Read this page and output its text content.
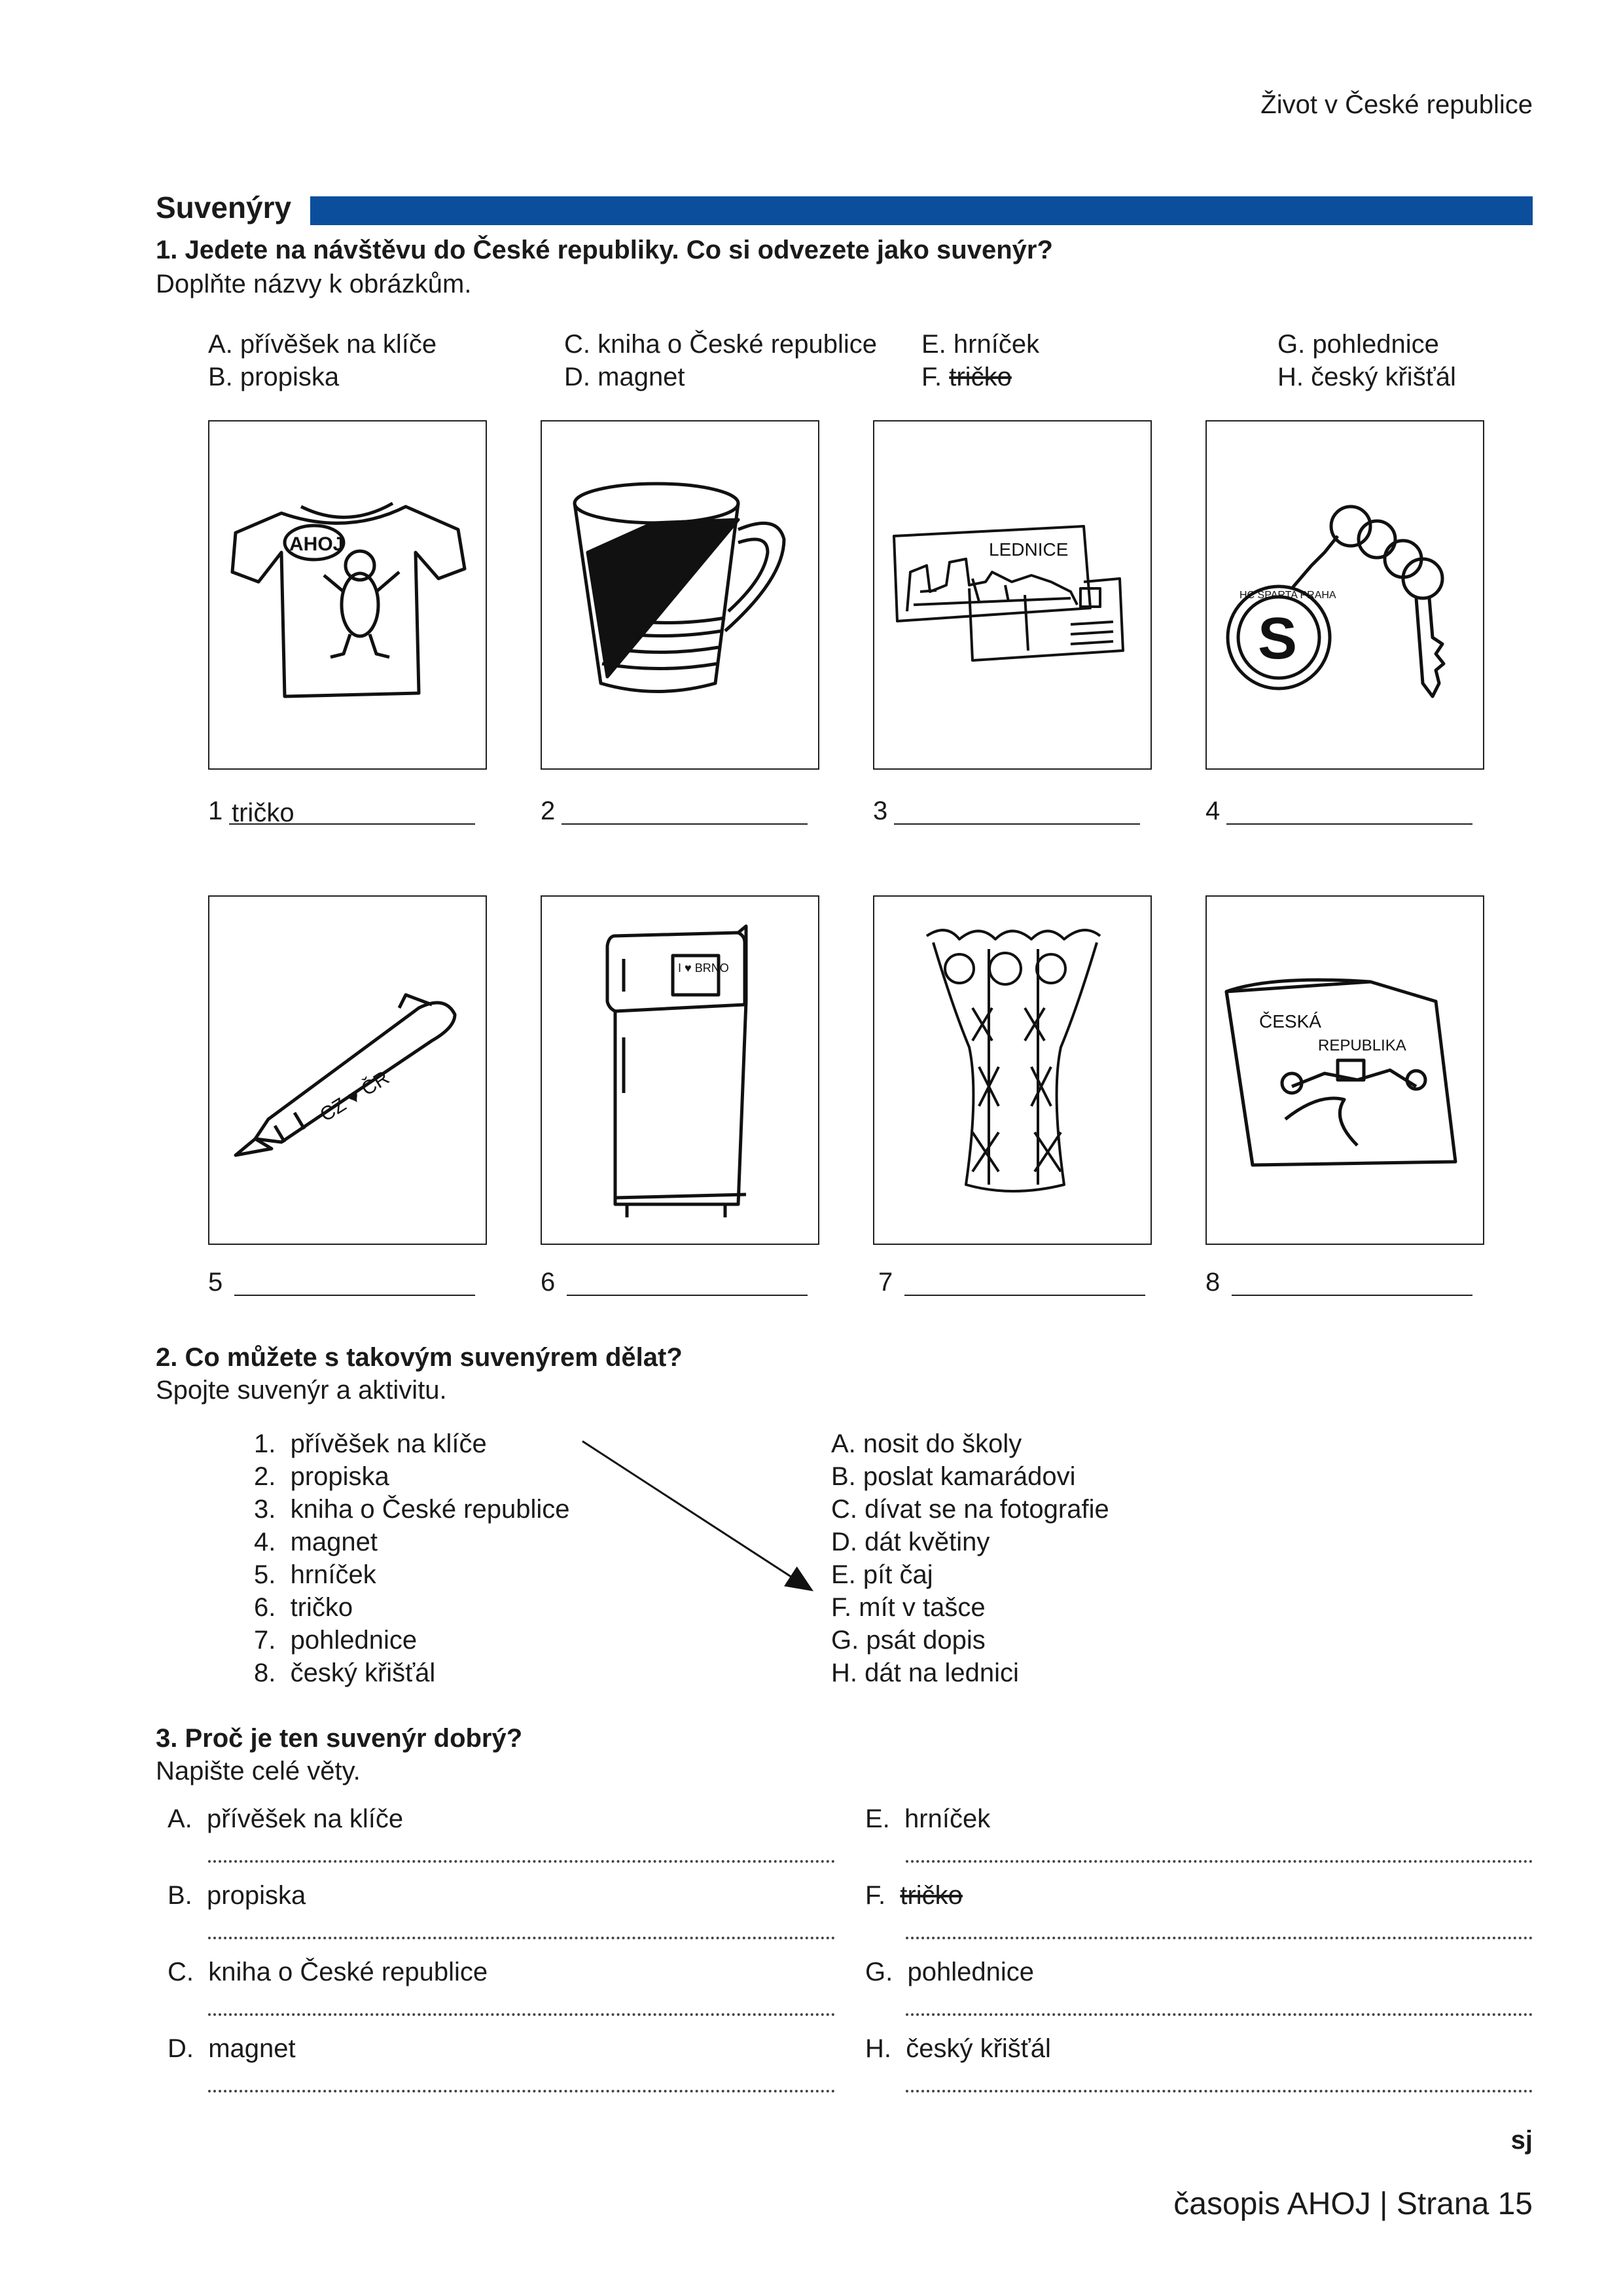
Život v České republice
Suvenýry
1. Jedete na návštěvu do České republiky. Co si odvezete jako suvenýr?
Doplňte názvy k obrázkům.
A. přívěšek na klíče
B. propiska
C. kniha o České republice
D. magnet
E. hrníček
F. tričko
G. pohlednice
H. český křišťál
AHOJ	LEDNICE
S
HC SPARTA PRAHA
1 tričko	2	3	4
CZ ♥ ČR
I ♥ BRNO
ČESKÁ
REPUBLIKA
5	6	7	8
2. Co můžete s takovým suvenýrem dělat?
Spojte suvenýr a aktivitu.
1. přívěšek na klíče
2. propiska
3. kniha o České republice
4. magnet
5. hrníček
6. tričko
7. pohlednice
8. český křišťál
A. nosit do školy
B. poslat kamarádovi
C. dívat se na fotografie
D. dát květiny
E. pít čaj
F. mít v tašce
G. psát dopis
H. dát na lednici
3. Proč je ten suvenýr dobrý?
Napište celé věty.
A. přívěšek na klíče
B. propiska
C. kniha o České republice
D. magnet
E. hrníček
F. tričko
G. pohlednice
H. český křišťál
sj
časopis AHOJ | Strana 15
